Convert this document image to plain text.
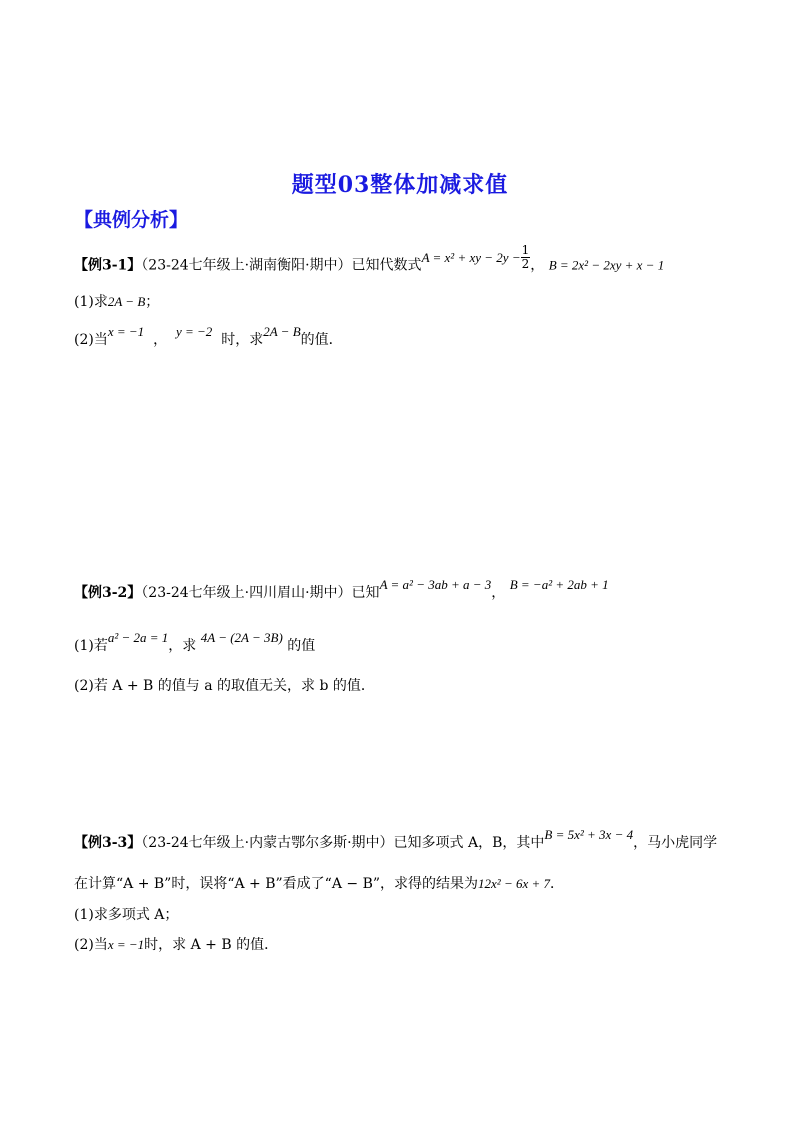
题型03整体加减求值
【典例分析】
【例3-1】（23-24七年级上·湖南衡阳·期中）已知代数式A = x² + xy − $2y - \frac{1}{2}$ ， B = 2x² − 2xy + x − 1
(1)求2A − B；
(2)当x = −1  ，  y = −2  时，求2A − B的值．
【例3-2】（23-24七年级上·四川眉山·期中）已知A = a² − 3ab + a − 3， B = −a² + 2ab + 1
(1)若a² − 2a = 1，求 4A − (2A − 3B) 的值
(2)若 A + B 的值与 a 的取值无关，求 b 的值．
【例3-3】（23-24七年级上·内蒙古鄂尔多斯·期中）已知多项式 A，B，其中B = 5x² + 3x − 4，马小虎同学
在计算“A + B”时，误将“A + B”看成了“A − B”，求得的结果为12x² − 6x + 7．
(1)求多项式 A；
(2)当x = −1时，求 A + B 的值．
